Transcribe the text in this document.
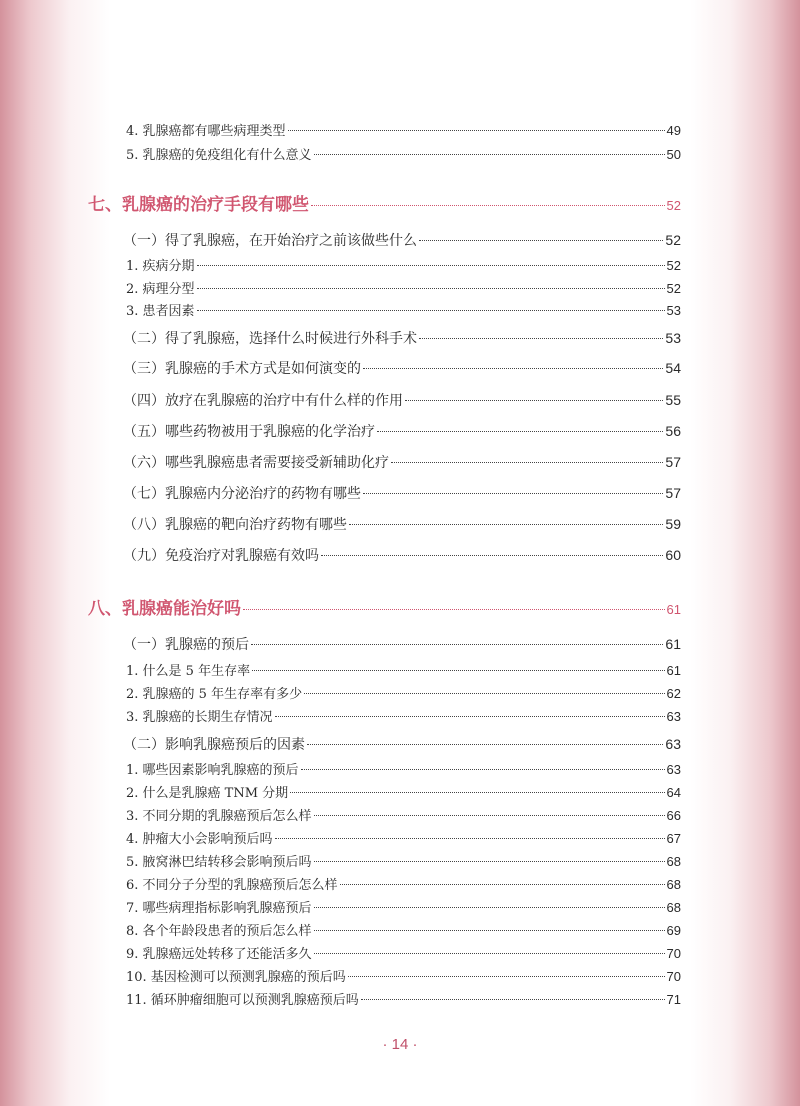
4. 乳腺癌都有哪些病理类型	49
5. 乳腺癌的免疫组化有什么意义	50
七、乳腺癌的治疗手段有哪些	52
（一）得了乳腺癌，在开始治疗之前该做些什么	52
1. 疾病分期	52
2. 病理分型	52
3. 患者因素	53
（二）得了乳腺癌，选择什么时候进行外科手术	53
（三）乳腺癌的手术方式是如何演变的	54
（四）放疗在乳腺癌的治疗中有什么样的作用	55
（五）哪些药物被用于乳腺癌的化学治疗	56
（六）哪些乳腺癌患者需要接受新辅助化疗	57
（七）乳腺癌内分泌治疗的药物有哪些	57
（八）乳腺癌的靶向治疗药物有哪些	59
（九）免疫治疗对乳腺癌有效吗	60
八、乳腺癌能治好吗	61
（一）乳腺癌的预后	61
1. 什么是 5 年生存率	61
2. 乳腺癌的 5 年生存率有多少	62
3. 乳腺癌的长期生存情况	63
（二）影响乳腺癌预后的因素	63
1. 哪些因素影响乳腺癌的预后	63
2. 什么是乳腺癌 TNM 分期	64
3. 不同分期的乳腺癌预后怎么样	66
4. 肿瘤大小会影响预后吗	67
5. 腋窝淋巴结转移会影响预后吗	68
6. 不同分子分型的乳腺癌预后怎么样	68
7. 哪些病理指标影响乳腺癌预后	68
8. 各个年龄段患者的预后怎么样	69
9. 乳腺癌远处转移了还能活多久	70
10. 基因检测可以预测乳腺癌的预后吗	70
11. 循环肿瘤细胞可以预测乳腺癌预后吗	71
· 14 ·
